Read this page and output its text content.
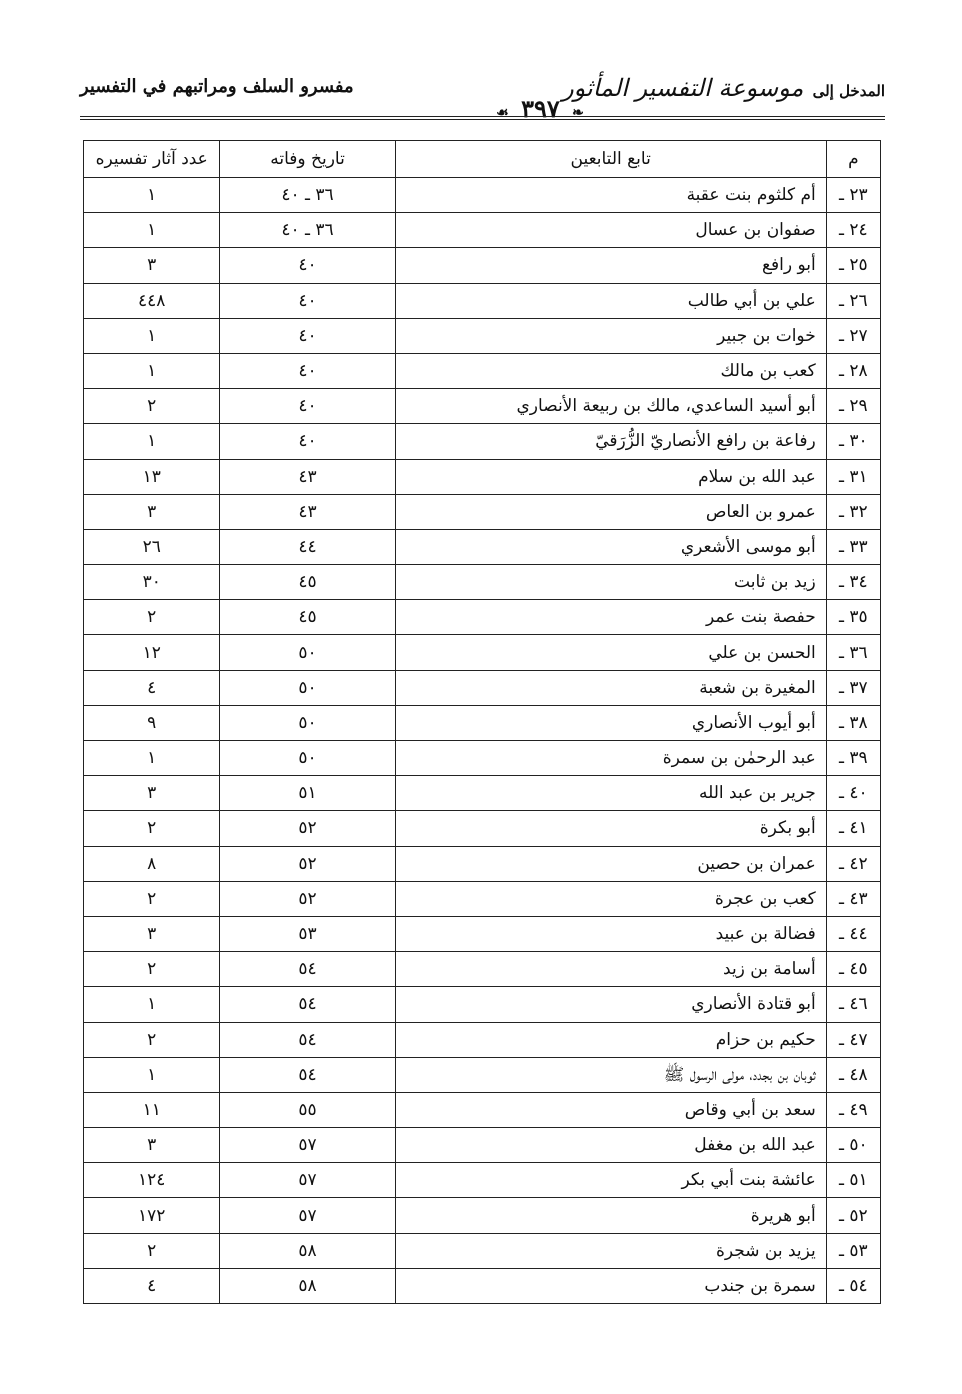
المدخل إلى موسوعة التفسير المأثور
❧ ٣٩٧ ☙
مفسرو السلف ومراتبهم في التفسير
م	تابع التابعين	تاريخ وفاته	عدد آثار تفسيره
٢٣ ـ	أم كلثوم بنت عقبة	٣٦ ـ ٤٠	١
٢٤ ـ	صفوان بن عسال	٣٦ ـ ٤٠	١
٢٥ ـ	أبو رافع	٤٠	٣
٢٦ ـ	علي بن أبي طالب	٤٠	٤٤٨
٢٧ ـ	خوات بن جبير	٤٠	١
٢٨ ـ	كعب بن مالك	٤٠	١
٢٩ ـ	أبو أسيد الساعدي، مالك بن ربيعة الأنصاري	٤٠	٢
٣٠ ـ	رفاعة بن رافع الأنصاريّ الزُّرَقيّ	٤٠	١
٣١ ـ	عبد الله بن سلام	٤٣	١٣
٣٢ ـ	عمرو بن العاص	٤٣	٣
٣٣ ـ	أبو موسى الأشعري	٤٤	٢٦
٣٤ ـ	زيد بن ثابت	٤٥	٣٠
٣٥ ـ	حفصة بنت عمر	٤٥	٢
٣٦ ـ	الحسن بن علي	٥٠	١٢
٣٧ ـ	المغيرة بن شعبة	٥٠	٤
٣٨ ـ	أبو أيوب الأنصاري	٥٠	٩
٣٩ ـ	عبد الرحمٰن بن سمرة	٥٠	١
٤٠ ـ	جرير بن عبد الله	٥١	٣
٤١ ـ	أبو بكرة	٥٢	٢
٤٢ ـ	عمران بن حصين	٥٢	٨
٤٣ ـ	كعب بن عجرة	٥٢	٢
٤٤ ـ	فضالة بن عبيد	٥٣	٣
٤٥ ـ	أسامة بن زيد	٥٤	٢
٤٦ ـ	أبو قتادة الأنصاري	٥٤	١
٤٧ ـ	حكيم بن حزام	٥٤	٢
٤٨ ـ	ثوبان بن بجدد، مولى الرسول ﷺ	٥٤	١
٤٩ ـ	سعد بن أبي وقاص	٥٥	١١
٥٠ ـ	عبد الله بن مغفل	٥٧	٣
٥١ ـ	عائشة بنت أبي بكر	٥٧	١٢٤
٥٢ ـ	أبو هريرة	٥٧	١٧٢
٥٣ ـ	يزيد بن شجرة	٥٨	٢
٥٤ ـ	سمرة بن جندب	٥٨	٤
